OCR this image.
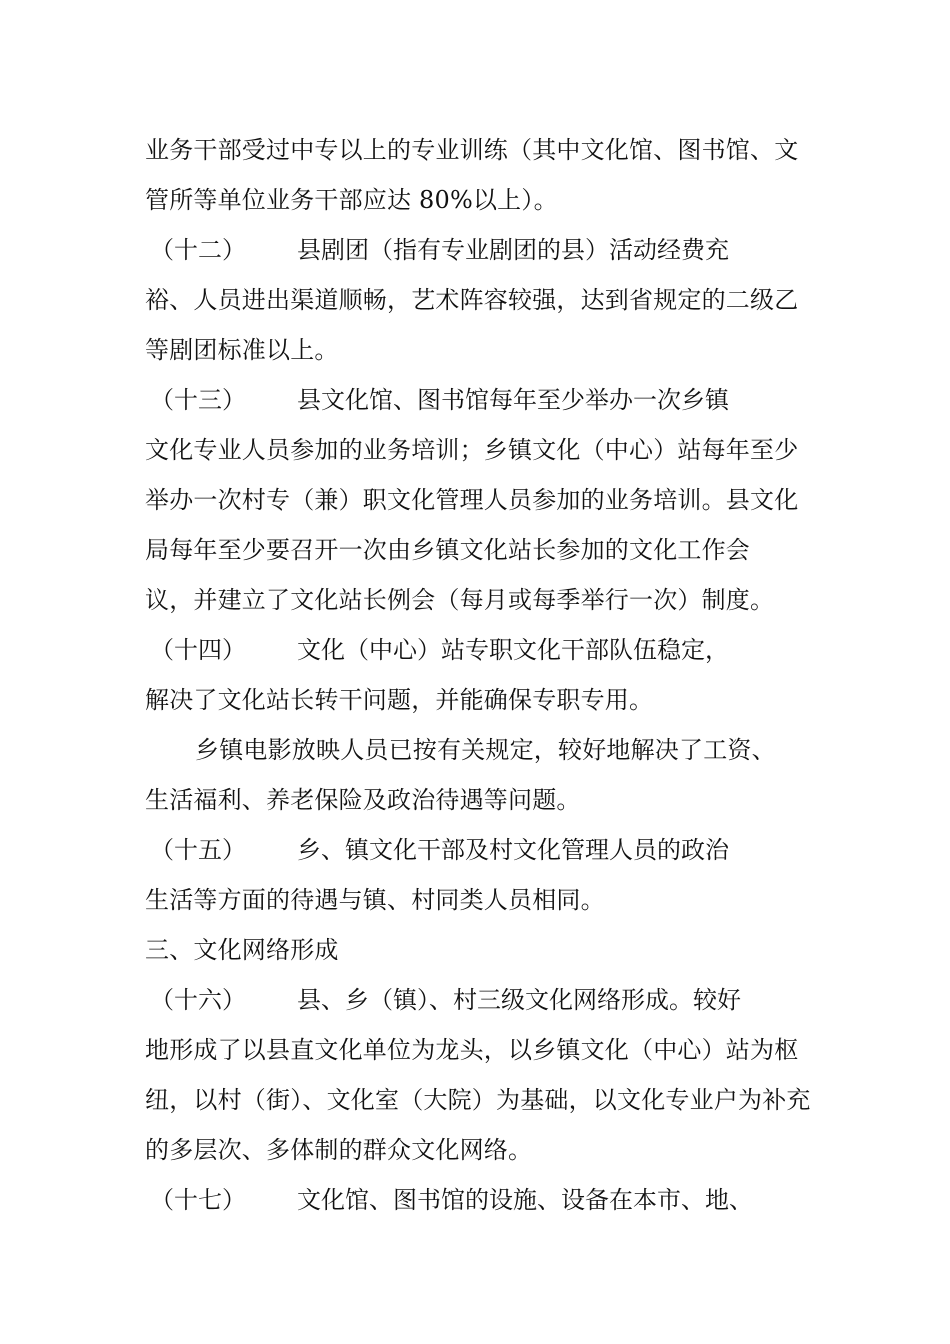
业务干部受过中专以上的专业训练（其中文化馆、图书馆、文
管所等单位业务干部应达 80%以上）。
（十二） 县剧团（指有专业剧团的县）活动经费充
裕、人员进出渠道顺畅，艺术阵容较强，达到省规定的二级乙
等剧团标准以上。
（十三） 县文化馆、图书馆每年至少举办一次乡镇
文化专业人员参加的业务培训；乡镇文化（中心）站每年至少
举办一次村专（兼）职文化管理人员参加的业务培训。县文化
局每年至少要召开一次由乡镇文化站长参加的文化工作会
议，并建立了文化站长例会（每月或每季举行一次）制度。
（十四） 文化（中心）站专职文化干部队伍稳定，
解决了文化站长转干问题，并能确保专职专用。
乡镇电影放映人员已按有关规定，较好地解决了工资、
生活福利、养老保险及政治待遇等问题。
（十五） 乡、镇文化干部及村文化管理人员的政治
生活等方面的待遇与镇、村同类人员相同。
三、文化网络形成
（十六） 县、乡（镇）、村三级文化网络形成。较好
地形成了以县直文化单位为龙头，以乡镇文化（中心）站为枢
纽，以村（街）、文化室（大院）为基础，以文化专业户为补充
的多层次、多体制的群众文化网络。
（十七） 文化馆、图书馆的设施、设备在本市、地、
